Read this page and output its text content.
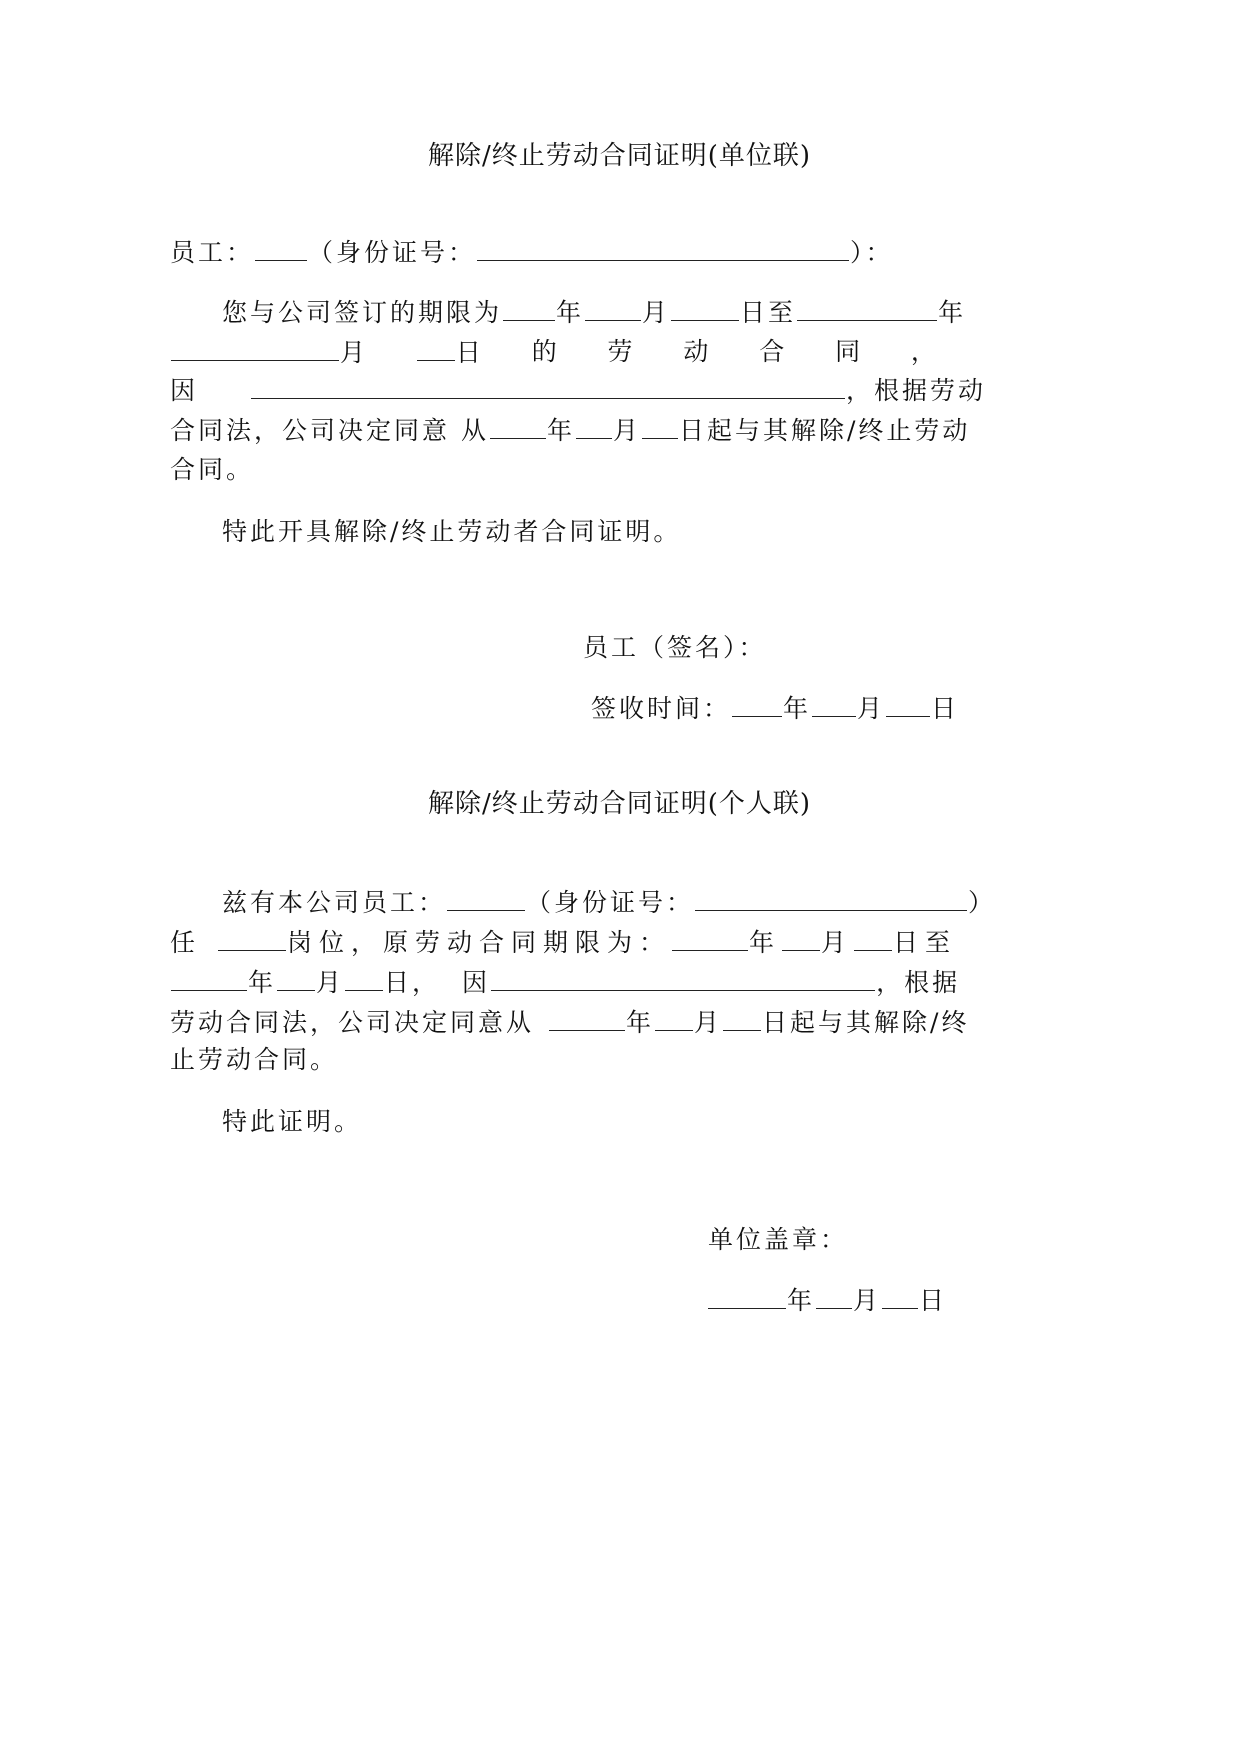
解除/终止劳动合同证明(单位联)
员工： （身份证号：	）：
您与公司签订的期限为 年 月	日至	年
月	日 的 劳 动 合 同 ，
因	，根据劳动
合同法，公司决定同意 从 年 月 日起与其解除/终止劳动
合同。
特此开具解除/终止劳动者合同证明。
员工（签名）：
签收时间： 年 月 日
解除/终止劳动合同证明(个人联)
兹有本公司员工：	（身份证号：	）
任	岗位，原劳动合同期限为：	年 月 日至
年 月 日， 因	，根据
劳动合同法，公司决定同意从	年 月 日起与其解除/终
止劳动合同。
特此证明。
单位盖章：
年 月 日
